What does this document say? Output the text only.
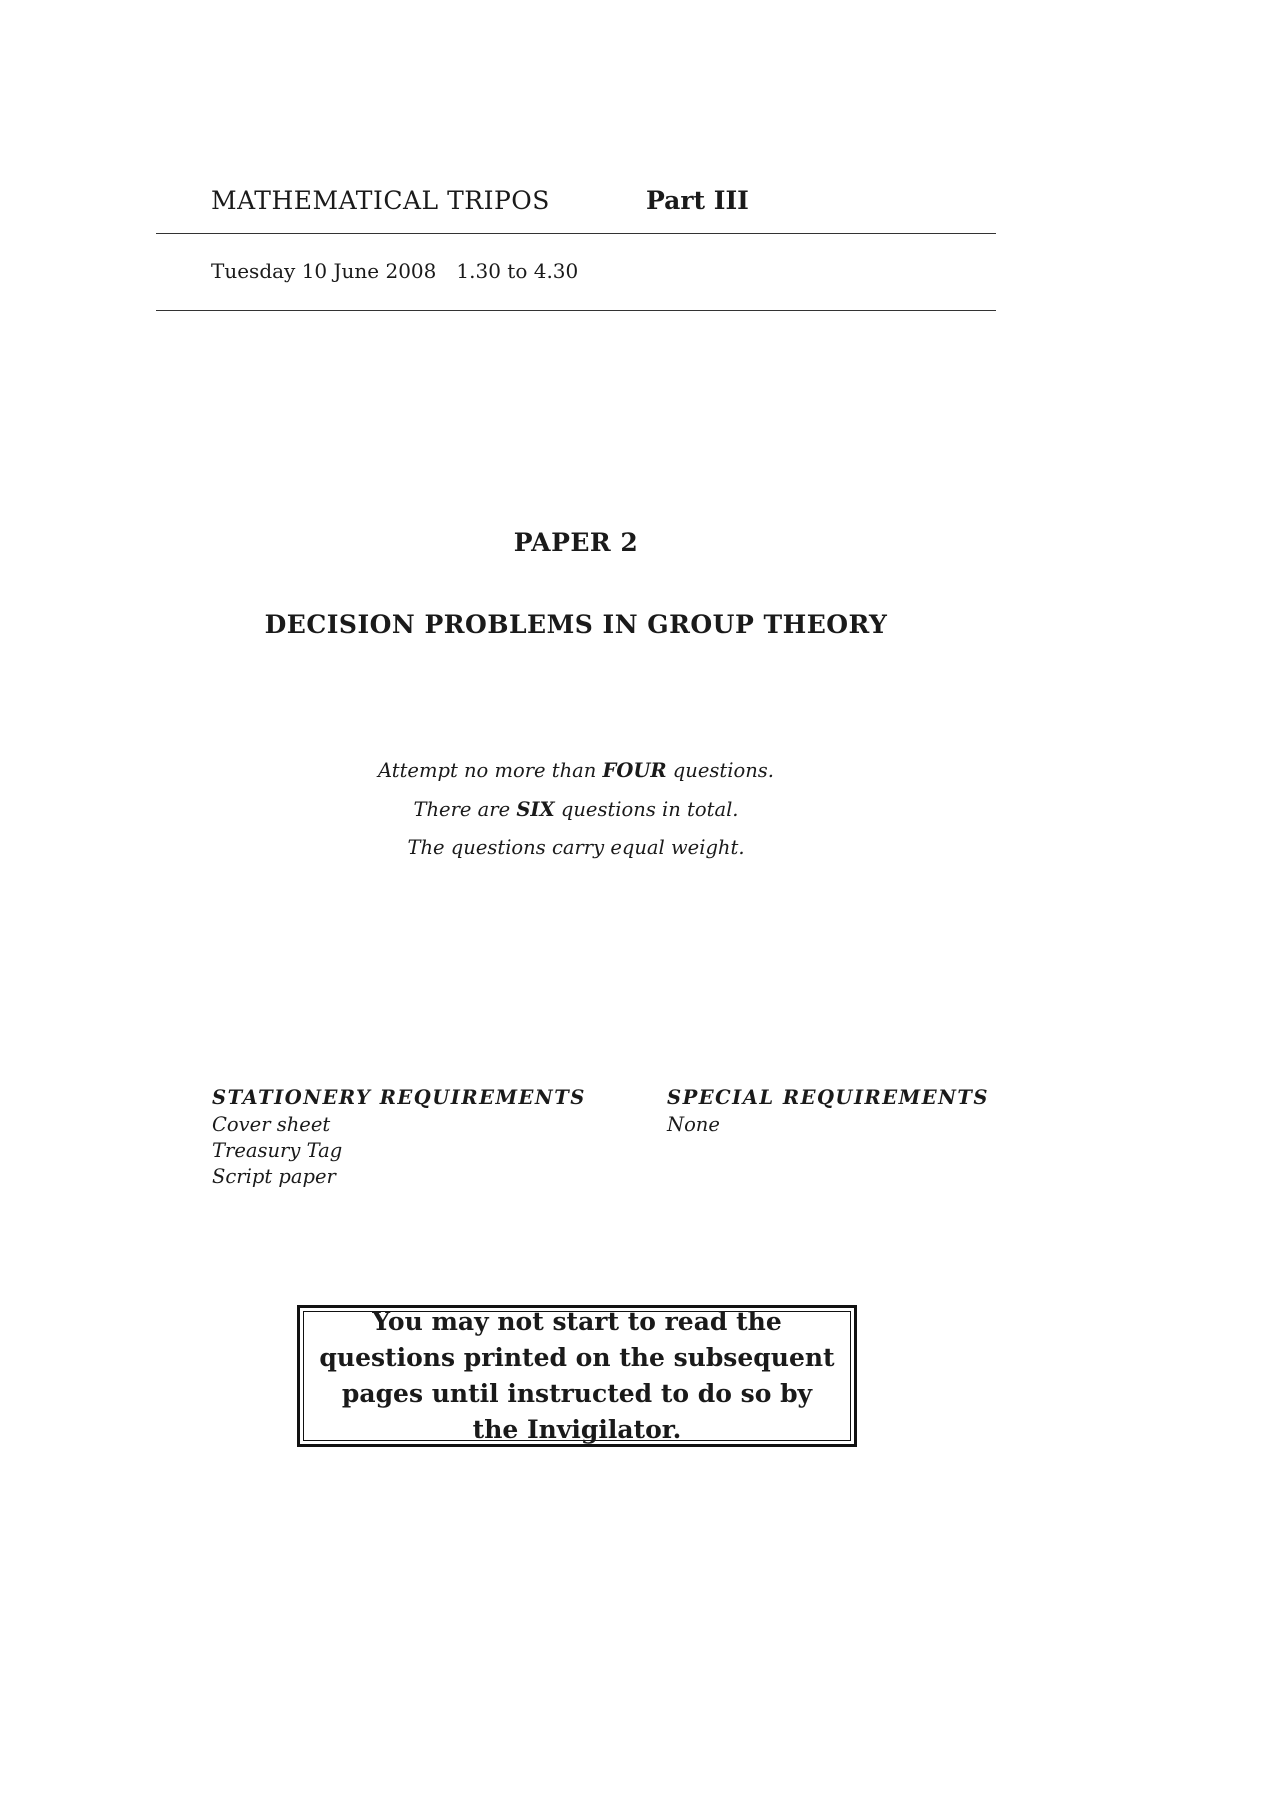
MATHEMATICAL TRIPOS	Part III
Tuesday 10 June 2008 1.30 to 4.30
PAPER 2
DECISION PROBLEMS IN GROUP THEORY
Attempt no more than FOUR questions.
There are SIX questions in total.
The questions carry equal weight.
STATIONERY REQUIREMENTS
Cover sheet
Treasury Tag
Script paper
SPECIAL REQUIREMENTS
None
You may not start to read the questions printed on the subsequent pages until instructed to do so by the Invigilator.
